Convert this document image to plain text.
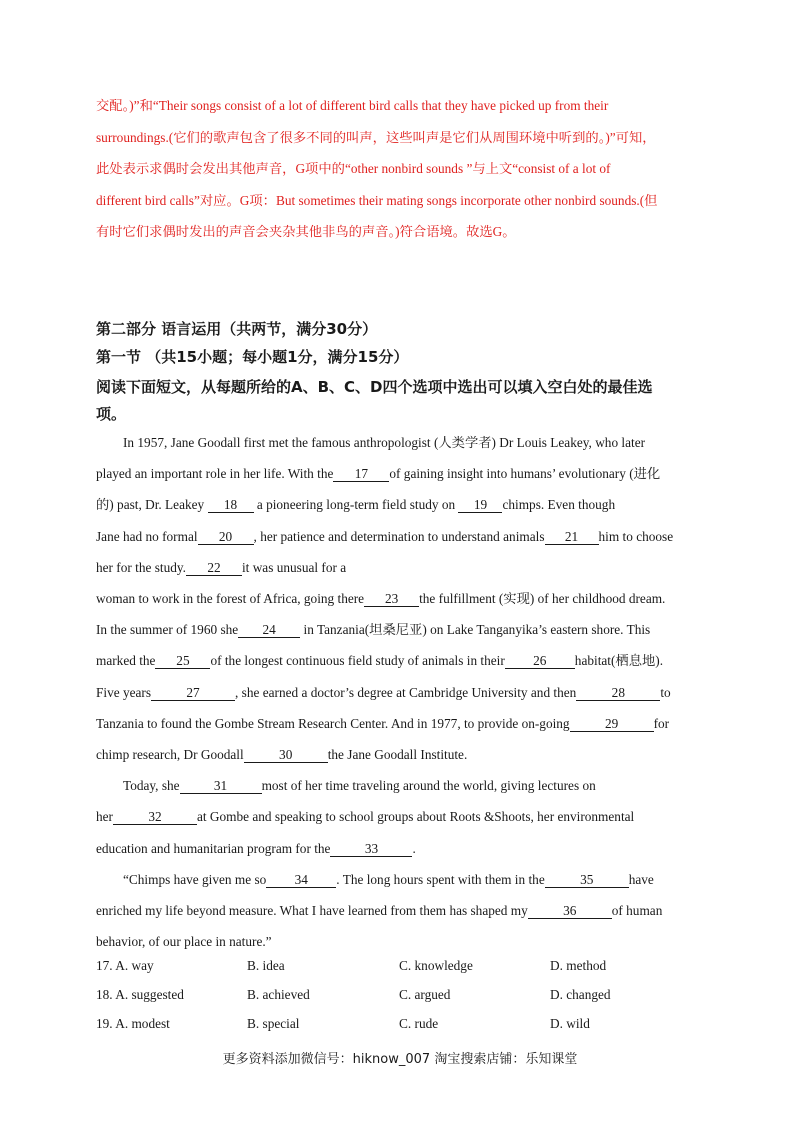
交配。)”和“Their songs consist of a lot of different bird calls that they have picked up from their

surroundings.(它们的歌声包含了很多不同的叫声，这些叫声是它们从周围环境中听到的。)”可知，

此处表示求偶时会发出其他声音，G项中的“other nonbird sounds ”与上文“consist of a lot of

different bird calls”对应。G项：But sometimes their mating songs incorporate other nonbird sounds.(但

有时它们求偶时发出的声音会夹杂其他非鸟的声音。)符合语境。故选G。

第二部分 语言运用（共两节，满分30分）
第一节 （共15小题；每小题1分，满分15分）
阅读下面短文，从每题所给的A、B、C、D四个选项中选出可以填入空白处的最佳选
项。

In 1957, Jane Goodall first met the famous anthropologist (人类学者) Dr Louis Leakey, who later

played an important role in her life. With the 17 of gaining insight into humans’ evolutionary (进化

的) past, Dr. Leakey 18 a pioneering long-term field study on 19 chimps. Even though

Jane had no formal 20 , her patience and determination to understand animals 21 him to choose

her for the study. 22 it was unusual for a

woman to work in the forest of Africa, going there 23 the fulfillment (实现) of her childhood dream.

In the summer of 1960 she 24 in Tanzania(坦桑尼亚) on Lake Tanganyika’s eastern shore. This

marked the 25 of the longest continuous field study of animals in their 26 habitat(栖息地).

Five years	27	, she earned a doctor’s degree at Cambridge University and then	28	to

Tanzania to found the Gombe Stream Research Center. And in 1977, to provide on-going	29	for

chimp research, Dr Goodall	30	the Jane Goodall Institute.

Today, she	31	most of her time traveling around the world, giving lectures on

her	32	at Gombe and speaking to school groups about Roots &Shoots, her environmental

education and humanitarian program for the	33	.

“Chimps have given me so 34 . The long hours spent with them in the	35	have

enriched my life beyond measure. What I have learned from them has shaped my	36	of human

behavior, of our place in nature.”

17. A. way	B. idea	C. knowledge	D. method
18. A. suggested	B. achieved	C. argued	D. changed
19. A. modest	B. special	C. rude	D. wild
更多资料添加微信号：hiknow_007 淘宝搜索店铺：乐知课堂
